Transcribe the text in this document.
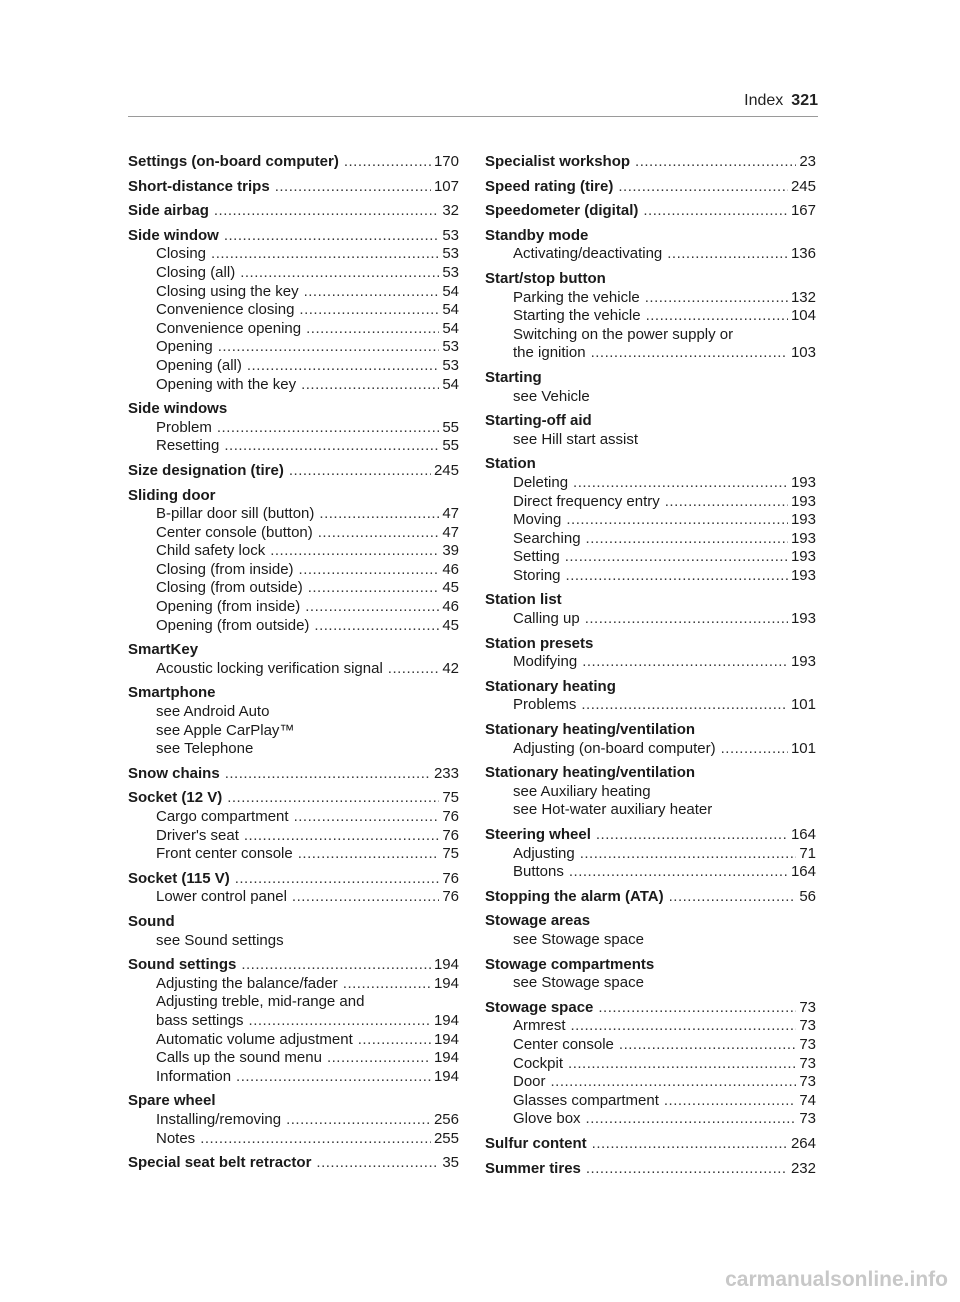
Index 321
Settings (on-board computer) .....	170
Short-distance trips .....	107
Side airbag .....	32
Side window .....	53
Closing .....	53
Closing (all) .....	53
Closing using the key .....	54
Convenience closing .....	54
Convenience opening .....	54
Opening .....	53
Opening (all) .....	53
Opening with the key .....	54
Side windows
Problem .....	55
Resetting .....	55
Size designation (tire) .....	245
Sliding door
B-pillar door sill (button) .....	47
Center console (button) .....	47
Child safety lock .....	39
Closing (from inside) .....	46
Closing (from outside) .....	45
Opening (from inside) .....	46
Opening (from outside) .....	45
SmartKey
Acoustic locking verification signal .....	42
Smartphone
see Android Auto
see Apple CarPlay™
see Telephone
Snow chains .....	233
Socket (12 V) .....	75
Cargo compartment .....	76
Driver's seat .....	76
Front center console .....	75
Socket (115 V) .....	76
Lower control panel .....	76
Sound
see Sound settings
Sound settings .....	194
Adjusting the balance/fader .....	194
Adjusting treble, mid-range and
bass settings .....	194
Automatic volume adjustment .....	194
Calls up the sound menu .....	194
Information .....	194
Spare wheel
Installing/removing .....	256
Notes .....	255
Special seat belt retractor .....	35
Specialist workshop .....	23
Speed rating (tire) .....	245
Speedometer (digital) .....	167
Standby mode
Activating/deactivating .....	136
Start/stop button
Parking the vehicle .....	132
Starting the vehicle .....	104
Switching on the power supply or
the ignition .....	103
Starting
see Vehicle
Starting-off aid
see Hill start assist
Station
Deleting .....	193
Direct frequency entry .....	193
Moving .....	193
Searching .....	193
Setting .....	193
Storing .....	193
Station list
Calling up .....	193
Station presets
Modifying .....	193
Stationary heating
Problems .....	101
Stationary heating/ventilation
Adjusting (on-board computer) .....	101
Stationary heating/ventilation
see Auxiliary heating
see Hot-water auxiliary heater
Steering wheel .....	164
Adjusting .....	71
Buttons .....	164
Stopping the alarm (ATA) .....	56
Stowage areas
see Stowage space
Stowage compartments
see Stowage space
Stowage space .....	73
Armrest .....	73
Center console .....	73
Cockpit .....	73
Door .....	73
Glasses compartment .....	74
Glove box .....	73
Sulfur content .....	264
Summer tires .....	232
carmanualsonline.info
